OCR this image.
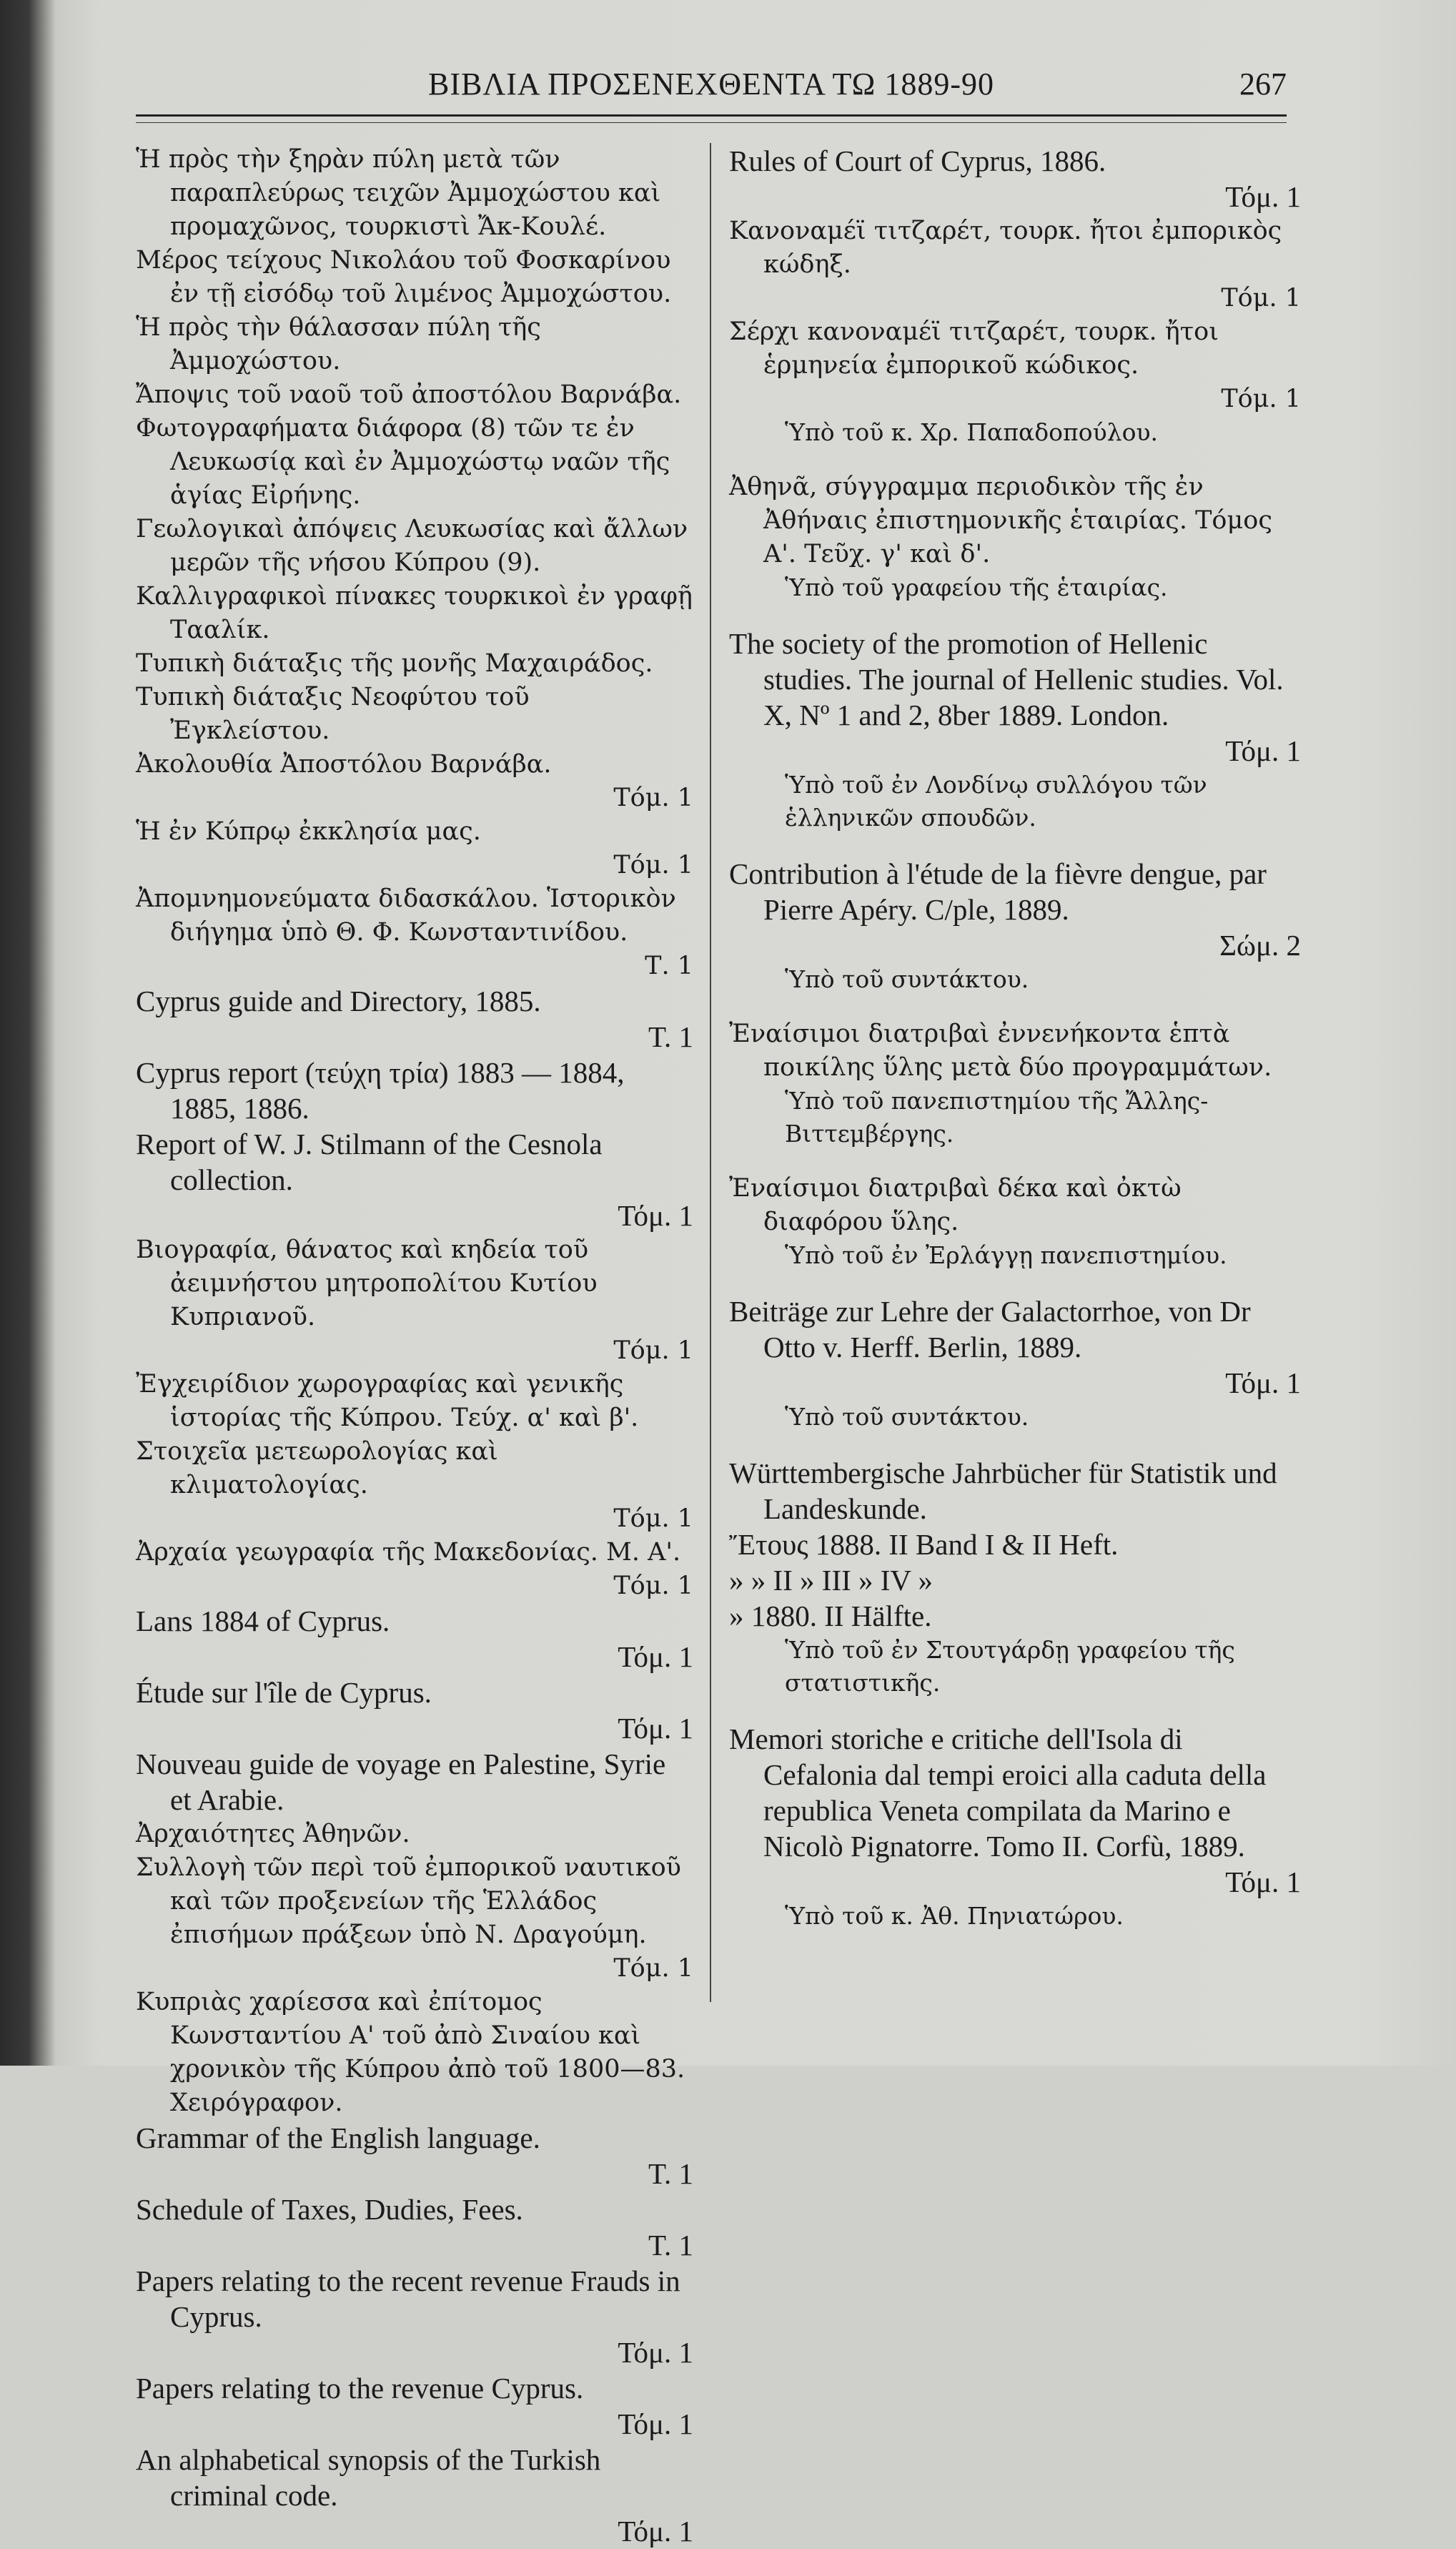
ΒΙΒΛΙΑ ΠΡΟΣΕΝΕΧΘΕΝΤΑ ΤΩ 1889-90	267

Ἡ πρὸς τὴν ξηρὰν πύλη μετὰ τῶν παραπλεύρως τειχῶν Ἀμμοχώστου καὶ προμαχῶνος, τουρκιστὶ Ἄκ-Κουλέ.

Μέρος τείχους Νικολάου τοῦ Φοσκαρίνου ἐν τῇ εἰσόδῳ τοῦ λιμένος Ἀμμοχώστου.

Ἡ πρὸς τὴν θάλασσαν πύλη τῆς Ἀμμοχώστου.

Ἄποψις τοῦ ναοῦ τοῦ ἀποστόλου Βαρνάβα.

Φωτογραφήματα διάφορα (8) τῶν τε ἐν Λευκωσίᾳ καὶ ἐν Ἀμμοχώστῳ ναῶν τῆς ἁγίας Εἰρήνης.

Γεωλογικαὶ ἀπόψεις Λευκωσίας καὶ ἄλλων μερῶν τῆς νήσου Κύπρου (9).

Καλλιγραφικοὶ πίνακες τουρκικοὶ ἐν γραφῇ Τααλίκ.

Τυπικὴ διάταξις τῆς μονῆς Μαχαιράδος.

Τυπικὴ διάταξις Νεοφύτου τοῦ Ἐγκλείστου.

Ἀκολουθία Ἀποστόλου Βαρνάβα.
Τόμ. 1

Ἡ ἐν Κύπρῳ ἐκκλησία μας.
Τόμ. 1

Ἀπομνημονεύματα διδασκάλου. Ἱστορικὸν διήγημα ὑπὸ Θ. Φ. Κωνσταντινίδου.
Τ. 1

Cyprus guide and Directory, 1885.
T. 1

Cyprus report (τεύχη τρία) 1883 — 1884, 1885, 1886.

Report of W. J. Stilmann of the Cesnola collection.
Τόμ. 1

Βιογραφία, θάνατος καὶ κηδεία τοῦ ἀειμνήστου μητροπολίτου Κυτίου Κυπριανοῦ.
Τόμ. 1

Ἐγχειρίδιον χωρογραφίας καὶ γενικῆς ἱστορίας τῆς Κύπρου. Τεύχ. α' καὶ β'.

Στοιχεῖα μετεωρολογίας καὶ κλιματολογίας.
Τόμ. 1

Ἀρχαία γεωγραφία τῆς Μακεδονίας. Μ. Α'.
Τόμ. 1

Lans 1884 of Cyprus.
Τόμ. 1

Étude sur l'île de Cyprus.
Τόμ. 1

Nouveau guide de voyage en Palestine, Syrie et Arabie.

Ἀρχαιότητες Ἀθηνῶν.

Συλλογὴ τῶν περὶ τοῦ ἐμπορικοῦ ναυτικοῦ καὶ τῶν προξενείων τῆς Ἑλλάδος ἐπισήμων πράξεων ὑπὸ Ν. Δραγούμη.
Τόμ. 1

Κυπριὰς χαρίεσσα καὶ ἐπίτομος Κωνσταντίου Α' τοῦ ἀπὸ Σιναίου καὶ χρονικὸν τῆς Κύπρου ἀπὸ τοῦ 1800—83. Χειρόγραφον.

Grammar of the English language.
T. 1

Schedule of Taxes, Dudies, Fees.
T. 1

Papers relating to the recent revenue Frauds in Cyprus.
Τόμ. 1

Papers relating to the revenue Cyprus.
Τόμ. 1

An alphabetical synopsis of the Turkish criminal code.
Τόμ. 1

Rules of Court of Cyprus, 1886.
Τόμ. 1

Κανοναμέϊ τιτζαρέτ, τουρκ. ἤτοι ἐμπορικὸς κώδηξ.
Τόμ. 1

Σέρχι κανοναμέϊ τιτζαρέτ, τουρκ. ἤτοι ἑρμηνεία ἐμπορικοῦ κώδικος.
Τόμ. 1

Ὑπὸ τοῦ κ. Χρ. Παπαδοπούλου.

Ἀθηνᾶ, σύγγραμμα περιοδικὸν τῆς ἐν Ἀθήναις ἐπιστημονικῆς ἑταιρίας. Τόμος Α'. Τεῦχ. γ' καὶ δ'.

Ὑπὸ τοῦ γραφείου τῆς ἑταιρίας.

The society of the promotion of Hellenic studies. The journal of Hellenic studies. Vol. X, Nº 1 and 2, 8ber 1889. London.
Τόμ. 1

Ὑπὸ τοῦ ἐν Λονδίνῳ συλλόγου τῶν ἑλληνικῶν σπουδῶν.

Contribution à l'étude de la fièvre dengue, par Pierre Apéry. C/ple, 1889.
Σώμ. 2

Ὑπὸ τοῦ συντάκτου.

Ἐναίσιμοι διατριβαὶ ἐννενήκοντα ἑπτὰ ποικίλης ὕλης μετὰ δύο προγραμμάτων.

Ὑπὸ τοῦ πανεπιστημίου τῆς Ἄλλης-Βιττεμβέργης.

Ἐναίσιμοι διατριβαὶ δέκα καὶ ὀκτὼ διαφόρου ὕλης.

Ὑπὸ τοῦ ἐν Ἐρλάγγῃ πανεπιστημίου.

Beiträge zur Lehre der Galactorrhoe, von Dr Otto v. Herff. Berlin, 1889.
Τόμ. 1

Ὑπὸ τοῦ συντάκτου.

Württembergische Jahrbücher für Statistik und Landeskunde.

Ἔτους 1888. II Band I & II Heft.

» » II » III » IV »

» 1880. II Hälfte.

Ὑπὸ τοῦ ἐν Στουτγάρδῃ γραφείου τῆς στατιστικῆς.

Memori storiche e critiche dell'Isola di Cefalonia dal tempi eroici alla caduta della republica Veneta compilata da Marino e Nicolò Pignatorre. Tomo II. Corfù, 1889.
Τόμ. 1

Ὑπὸ τοῦ κ. Ἀθ. Πηνιατώρου.
